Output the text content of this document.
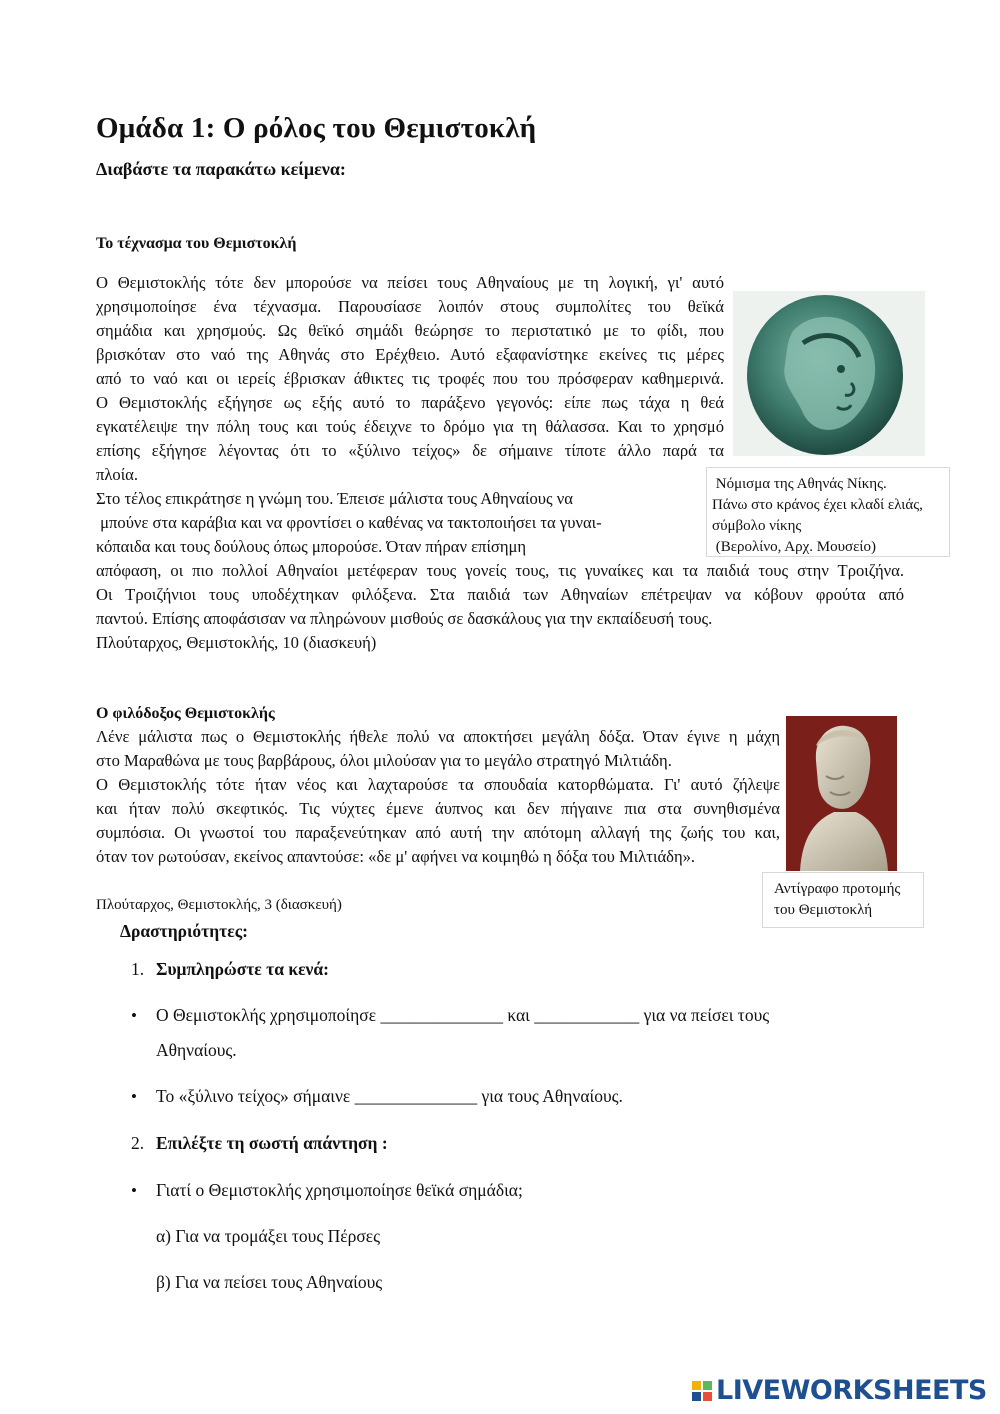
Ομάδα 1: Ο ρόλος του Θεμιστοκλή
Διαβάστε τα παρακάτω κείμενα:
Το τέχνασμα του Θεμιστοκλή
Ο Θεμιστοκλής τότε δεν μπορούσε να πείσει τους Αθηναίους με τη λογική, γι' αυτό
χρησιμοποίησε ένα τέχνασμα. Παρουσίασε λοιπόν στους συμπολίτες του θεϊκά
σημάδια και χρησμούς. Ως θεϊκό σημάδι θεώρησε το περιστατικό με το φίδι, που
βρισκόταν στο ναό της Αθηνάς στο Ερέχθειο. Αυτό εξαφανίστηκε εκείνες τις μέρες
από το ναό και οι ιερείς έβρισκαν άθικτες τις τροφές που του πρόσφεραν καθημερινά.
Ο Θεμιστοκλής εξήγησε ως εξής αυτό το παράξενο γεγονός: είπε πως τάχα η θεά
εγκατέλειψε την πόλη τους και τούς έδειχνε το δρόμο για τη θάλασσα. Και το χρησμό
επίσης εξήγησε λέγοντας ότι το «ξύλινο τείχος» δε σήμαινε τίποτε άλλο παρά τα
πλοία.
Στο τέλος επικράτησε η γνώμη του. Έπεισε μάλιστα τους Αθηναίους να
μπούνε στα καράβια και να φροντίσει ο καθένας να τακτοποιήσει τα γυναι-
κόπαιδα και τους δούλους όπως μπορούσε. Όταν πήραν επίσημη
απόφαση, οι πιο πολλοί Αθηναίοι μετέφεραν τους γονείς τους, τις γυναίκες και τα παιδιά τους στην Τροιζήνα.
Οι Τροιζήνιοι τους υποδέχτηκαν φιλόξενα. Στα παιδιά των Αθηναίων επέτρεψαν να κόβουν φρούτα από
παντού. Επίσης αποφάσισαν να πληρώνουν μισθούς σε δασκάλους για την εκπαίδευσή τους.
Πλούταρχος, Θεμιστοκλής, 10 (διασκευή)
Νόμισμα της Αθηνάς Νίκης.
Πάνω στο κράνος έχει κλαδί ελιάς,
σύμβολο νίκης
(Βερολίνο, Αρχ. Μουσείο)
Ο φιλόδοξος Θεμιστοκλής
Λένε μάλιστα πως ο Θεμιστοκλής ήθελε πολύ να αποκτήσει μεγάλη δόξα. Όταν έγινε η μάχη
στο Μαραθώνα με τους βαρβάρους, όλοι μιλούσαν για το μεγάλο στρατηγό Μιλτιάδη.
Ο Θεμιστοκλής τότε ήταν νέος και λαχταρούσε τα σπουδαία κατορθώματα. Γι' αυτό ζήλεψε
και ήταν πολύ σκεφτικός. Τις νύχτες έμενε άυπνος και δεν πήγαινε πια στα συνηθισμένα
συμπόσια. Οι γνωστοί του παραξενεύτηκαν από αυτή την απότομη αλλαγή της ζωής του και,
όταν τον ρωτούσαν, εκείνος απαντούσε: «δε μ' αφήνει να κοιμηθώ η δόξα του Μιλτιάδη».
Πλούταρχος, Θεμιστοκλής, 3 (διασκευή)
Αντίγραφο προτομής
του Θεμιστοκλή
Δραστηριότητες:
1. Συμπληρώστε τα κενά:
• Ο Θεμιστοκλής χρησιμοποίησε ______________ και ____________ για να πείσει τους
Αθηναίους.
• Το «ξύλινο τείχος» σήμαινε ______________ για τους Αθηναίους.
2. Επιλέξτε τη σωστή απάντηση :
• Γιατί ο Θεμιστοκλής χρησιμοποίησε θεϊκά σημάδια;
α) Για να τρομάξει τους Πέρσες
β) Για να πείσει τους Αθηναίους
LIVEWORKSHEETS
